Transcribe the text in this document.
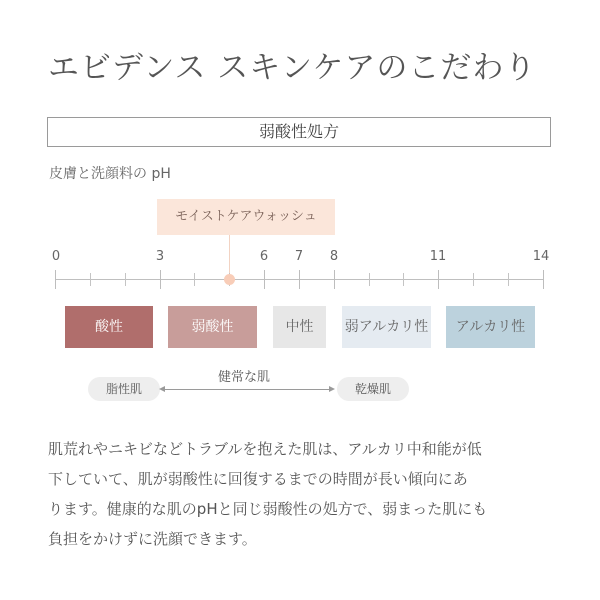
エビデンス スキンケアのこだわり
弱酸性処方
皮膚と洗顔料の pH
モイストケアウォッシュ
0	3	6 7 8	11	14
酸性	弱酸性	中性	弱アルカリ性	アルカリ性
健常な肌
脂性肌	乾燥肌
肌荒れやニキビなどトラブルを抱えた肌は、アルカリ中和能が低
下していて、肌が弱酸性に回復するまでの時間が長い傾向にあ
ります。健康的な肌のpHと同じ弱酸性の処方で、弱まった肌にも
負担をかけずに洗顔できます。
